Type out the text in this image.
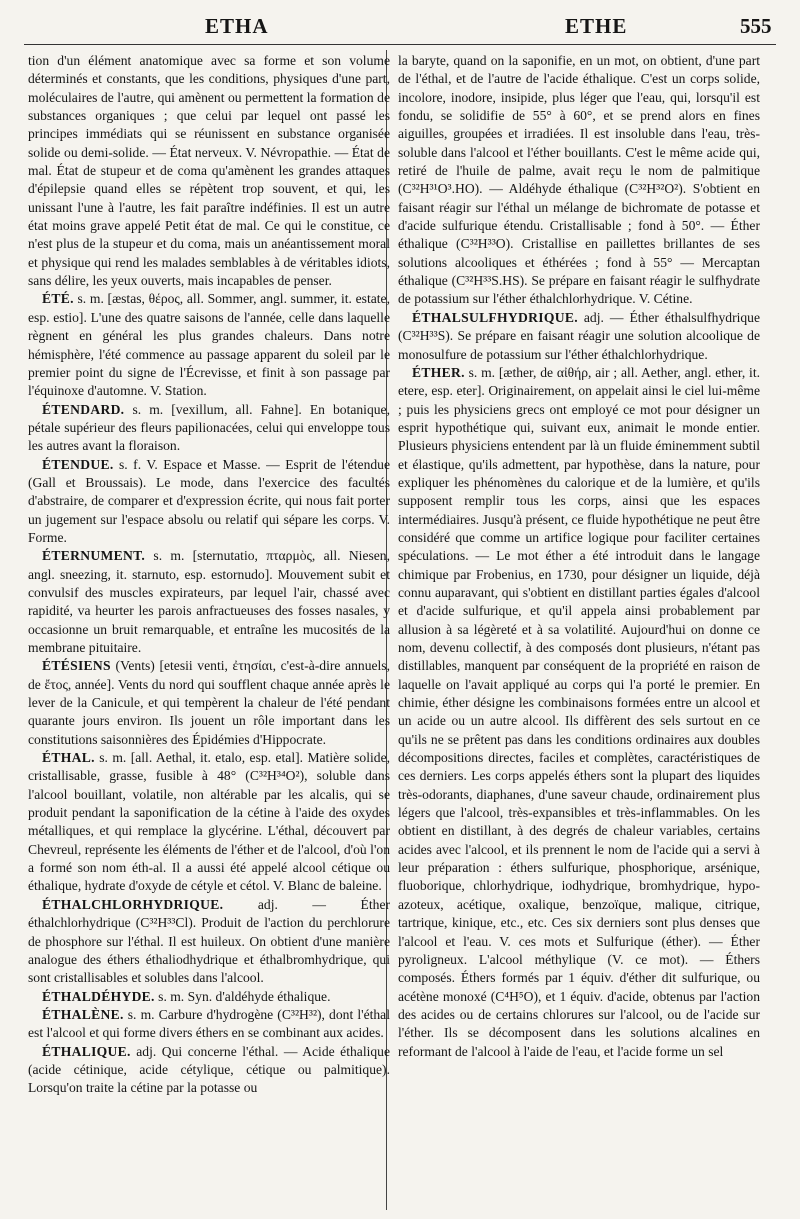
ETHA	ETHE	555

tion d'un élément anatomique avec sa forme et son volume déterminés et constants, que les conditions, physiques d'une part, moléculaires de l'autre, qui amènent ou permettent la formation de substances organiques ; que celui par lequel ont passé les principes immédiats qui se réunissent en substance organisée solide ou demi-solide. — État nerveux. V. Névropathie. — État de mal. État de stupeur et de coma qu'amènent les grandes attaques d'épilepsie quand elles se répètent trop souvent, et qui, les unissant l'une à l'autre, les fait paraître indéfinies. Il est un autre état moins grave appelé Petit état de mal. Ce qui le constitue, ce n'est plus de la stupeur et du coma, mais un anéantissement moral et physique qui rend les malades semblables à de véritables idiots, sans délire, les yeux ouverts, mais incapables de penser.

ÉTÉ. s. m. [æstas, θέρος, all. Sommer, angl. summer, it. estate, esp. estio]. L'une des quatre saisons de l'année, celle dans laquelle règnent en général les plus grandes chaleurs. Dans notre hémisphère, l'été commence au passage apparent du soleil par le premier point du signe de l'Écrevisse, et finit à son passage par l'équinoxe d'automne. V. Station.

ÉTENDARD. s. m. [vexillum, all. Fahne]. En botanique, pétale supérieur des fleurs papilionacées, celui qui enveloppe tous les autres avant la floraison.

ÉTENDUE. s. f. V. Espace et Masse. — Esprit de l'étendue (Gall et Broussais). Le mode, dans l'exercice des facultés d'abstraire, de comparer et d'expression écrite, qui nous fait porter un jugement sur l'espace absolu ou relatif qui sépare les corps. V. Forme.

ÉTERNUMENT. s. m. [sternutatio, πταρμὸς, all. Niesen, angl. sneezing, it. starnuto, esp. estornudo]. Mouvement subit et convulsif des muscles expirateurs, par lequel l'air, chassé avec rapidité, va heurter les parois anfractueuses des fosses nasales, y occasionne un bruit remarquable, et entraîne les mucosités de la membrane pituitaire.

ÉTÉSIENS (Vents) [etesii venti, ἐτησίαι, c'est-à-dire annuels, de ἔτος, année]. Vents du nord qui soufflent chaque année après le lever de la Canicule, et qui tempèrent la chaleur de l'été pendant quarante jours environ. Ils jouent un rôle important dans les constitutions saisonnières des Épidémies d'Hippocrate.

ÉTHAL. s. m. [all. Aethal, it. etalo, esp. etal]. Matière solide, cristallisable, grasse, fusible à 48° (C³²H³⁴O²), soluble dans l'alcool bouillant, volatile, non altérable par les alcalis, qui se produit pendant la saponification de la cétine à l'aide des oxydes métalliques, et qui remplace la glycérine. L'éthal, découvert par Chevreul, représente les éléments de l'éther et de l'alcool, d'où l'on a formé son nom éth-al. Il a aussi été appelé alcool cétique ou éthalique, hydrate d'oxyde de cétyle et cétol. V. Blanc de baleine.

ÉTHALCHLORHYDRIQUE. adj. — Éther éthalchlorhydrique (C³²H³³Cl). Produit de l'action du perchlorure de phosphore sur l'éthal. Il est huileux. On obtient d'une manière analogue des éthers éthaliodhydrique et éthalbromhydrique, qui sont cristallisables et solubles dans l'alcool.

ÉTHALDÉHYDE. s. m. Syn. d'aldéhyde éthalique.

ÉTHALÈNE. s. m. Carbure d'hydrogène (C³²H³²), dont l'éthal est l'alcool et qui forme divers éthers en se combinant aux acides.

ÉTHALIQUE. adj. Qui concerne l'éthal. — Acide éthalique (acide cétinique, acide cétylique, cétique ou palmitique). Lorsqu'on traite la cétine par la potasse ou

la baryte, quand on la saponifie, en un mot, on obtient, d'une part de l'éthal, et de l'autre de l'acide éthalique. C'est un corps solide, incolore, inodore, insipide, plus léger que l'eau, qui, lorsqu'il est fondu, se solidifie de 55° à 60°, et se prend alors en fines aiguilles, groupées et irradiées. Il est insoluble dans l'eau, très-soluble dans l'alcool et l'éther bouillants. C'est le même acide qui, retiré de l'huile de palme, avait reçu le nom de palmitique (C³²H³¹O³.HO). — Aldéhyde éthalique (C³²H³²O²). S'obtient en faisant réagir sur l'éthal un mélange de bichromate de potasse et d'acide sulfurique étendu. Cristallisable ; fond à 50°. — Éther éthalique (C³²H³³O). Cristallise en paillettes brillantes de ses solutions alcooliques et éthérées ; fond à 55° — Mercaptan éthalique (C³²H³³S.HS). Se prépare en faisant réagir le sulfhydrate de potassium sur l'éther éthalchlorhydrique. V. Cétine.

ÉTHALSULFHYDRIQUE. adj. — Éther éthalsulfhydrique (C³²H³³S). Se prépare en faisant réagir une solution alcoolique de monosulfure de potassium sur l'éther éthalchlorhydrique.

ÉTHER. s. m. [æther, de αἰθήρ, air ; all. Aether, angl. ether, it. etere, esp. eter]. Originairement, on appelait ainsi le ciel lui-même ; puis les physiciens grecs ont employé ce mot pour désigner un esprit hypothétique qui, suivant eux, animait le monde entier. Plusieurs physiciens entendent par là un fluide éminemment subtil et élastique, qu'ils admettent, par hypothèse, dans la nature, pour expliquer les phénomènes du calorique et de la lumière, et qu'ils supposent remplir tous les corps, ainsi que les espaces intermédiaires. Jusqu'à présent, ce fluide hypothétique ne peut être considéré que comme un artifice logique pour faciliter certaines spéculations. — Le mot éther a été introduit dans le langage chimique par Frobenius, en 1730, pour désigner un liquide, déjà connu auparavant, qui s'obtient en distillant parties égales d'alcool et d'acide sulfurique, et qu'il appela ainsi probablement par allusion à sa légèreté et à sa volatilité. Aujourd'hui on donne ce nom, devenu collectif, à des composés dont plusieurs, n'étant pas distillables, manquent par conséquent de la propriété en raison de laquelle on l'avait appliqué au corps qui l'a porté le premier. En chimie, éther désigne les combinaisons formées entre un alcool et un acide ou un autre alcool. Ils diffèrent des sels surtout en ce qu'ils ne se prêtent pas dans les conditions ordinaires aux doubles décompositions directes, faciles et complètes, caractéristiques de ces derniers. Les corps appelés éthers sont la plupart des liquides très-odorants, diaphanes, d'une saveur chaude, ordinairement plus légers que l'alcool, très-expansibles et très-inflammables. On les obtient en distillant, à des degrés de chaleur variables, certains acides avec l'alcool, et ils prennent le nom de l'acide qui a servi à leur préparation : éthers sulfurique, phosphorique, arsénique, fluoborique, chlorhydrique, iodhydrique, bromhydrique, hypo-azoteux, acétique, oxalique, benzoïque, malique, citrique, tartrique, kinique, etc., etc. Ces six derniers sont plus denses que l'alcool et l'eau. V. ces mots et Sulfurique (éther). — Éther pyroligneux. L'alcool méthylique (V. ce mot). — Éthers composés. Éthers formés par 1 équiv. d'éther dit sulfurique, ou acétène monoxé (C⁴H⁵O), et 1 équiv. d'acide, obtenus par l'action des acides ou de certains chlorures sur l'alcool, ou de l'acide sur l'éther. Ils se décomposent dans les solutions alcalines en reformant de l'alcool à l'aide de l'eau, et l'acide forme un sel
